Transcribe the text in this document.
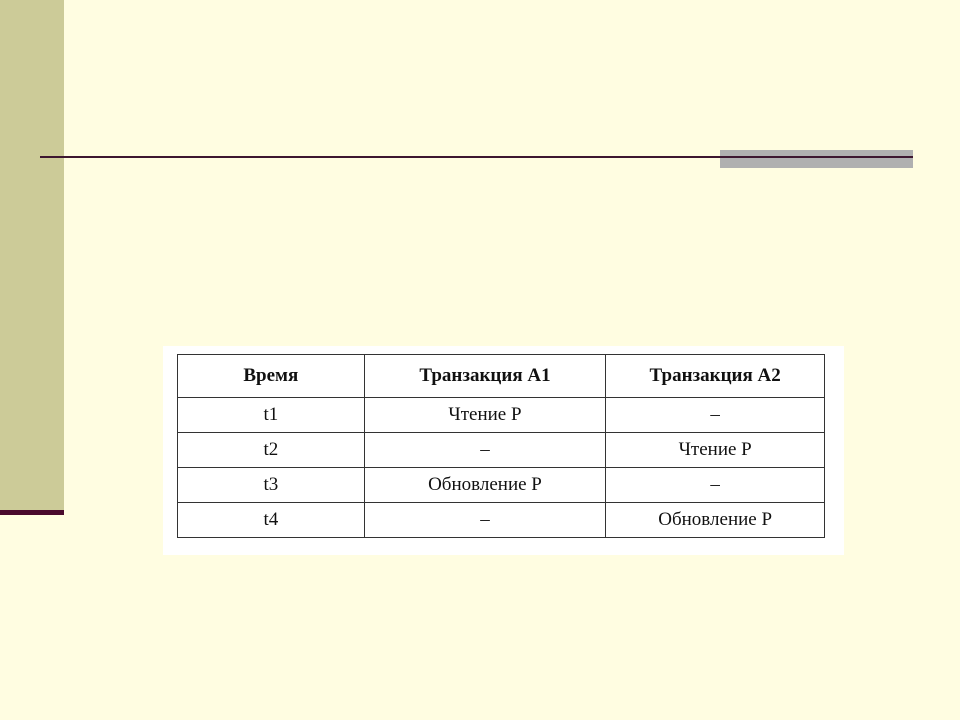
Время	Транзакция А1	Транзакция А2
t1	Чтение Р	–
t2	–	Чтение Р
t3	Обновление Р	–
t4	–	Обновление Р
